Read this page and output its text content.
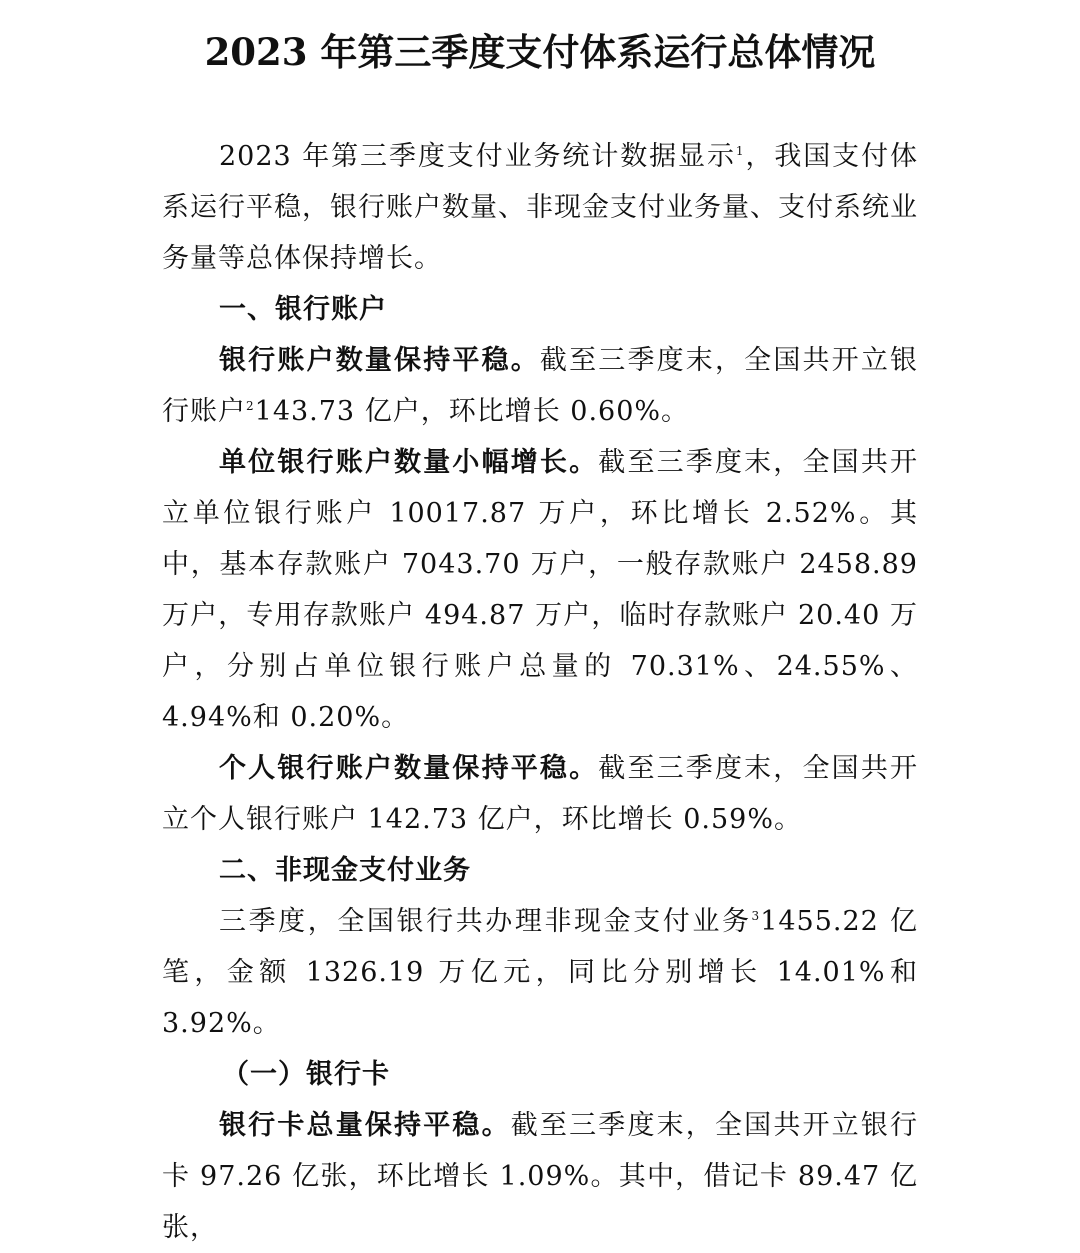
2023 年第三季度支付体系运行总体情况

2023 年第三季度支付业务统计数据显示$^1$，我国支付体系运行平稳，银行账户数量、非现金支付业务量、支付系统业务量等总体保持增长。

一、银行账户

银行账户数量保持平稳。截至三季度末，全国共开立银行账户$^2$143.73 亿户，环比增长 0.60%。

单位银行账户数量小幅增长。截至三季度末，全国共开立单位银行账户 10017.87 万户，环比增长 2.52%。其中，基本存款账户 7043.70 万户，一般存款账户 2458.89 万户，专用存款账户 494.87 万户，临时存款账户 20.40 万户，分别占单位银行账户总量的 70.31%、24.55%、4.94%和 0.20%。

个人银行账户数量保持平稳。截至三季度末，全国共开立个人银行账户 142.73 亿户，环比增长 0.59%。

二、非现金支付业务

三季度，全国银行共办理非现金支付业务$^3$1455.22 亿笔，金额 1326.19 万亿元，同比分别增长 14.01%和 3.92%。

（一）银行卡

银行卡总量保持平稳。截至三季度末，全国共开立银行卡 97.26 亿张，环比增长 1.09%。其中，借记卡 89.47 亿张，
